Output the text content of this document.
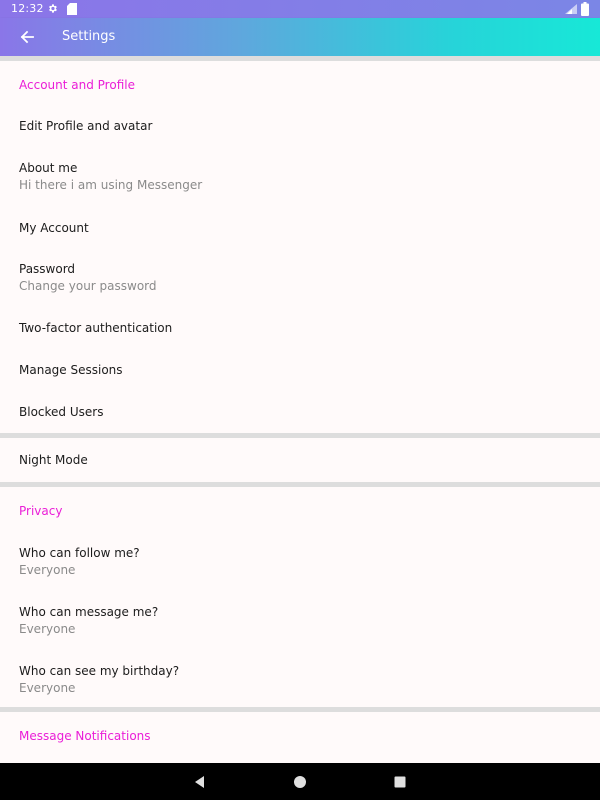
12:32
Settings
Account and Profile
Edit Profile and avatar
About me
Hi there i am using Messenger
My Account
Password
Change your password
Two-factor authentication
Manage Sessions
Blocked Users
Night Mode
Privacy
Who can follow me?
Everyone
Who can message me?
Everyone
Who can see my birthday?
Everyone
Message Notifications
